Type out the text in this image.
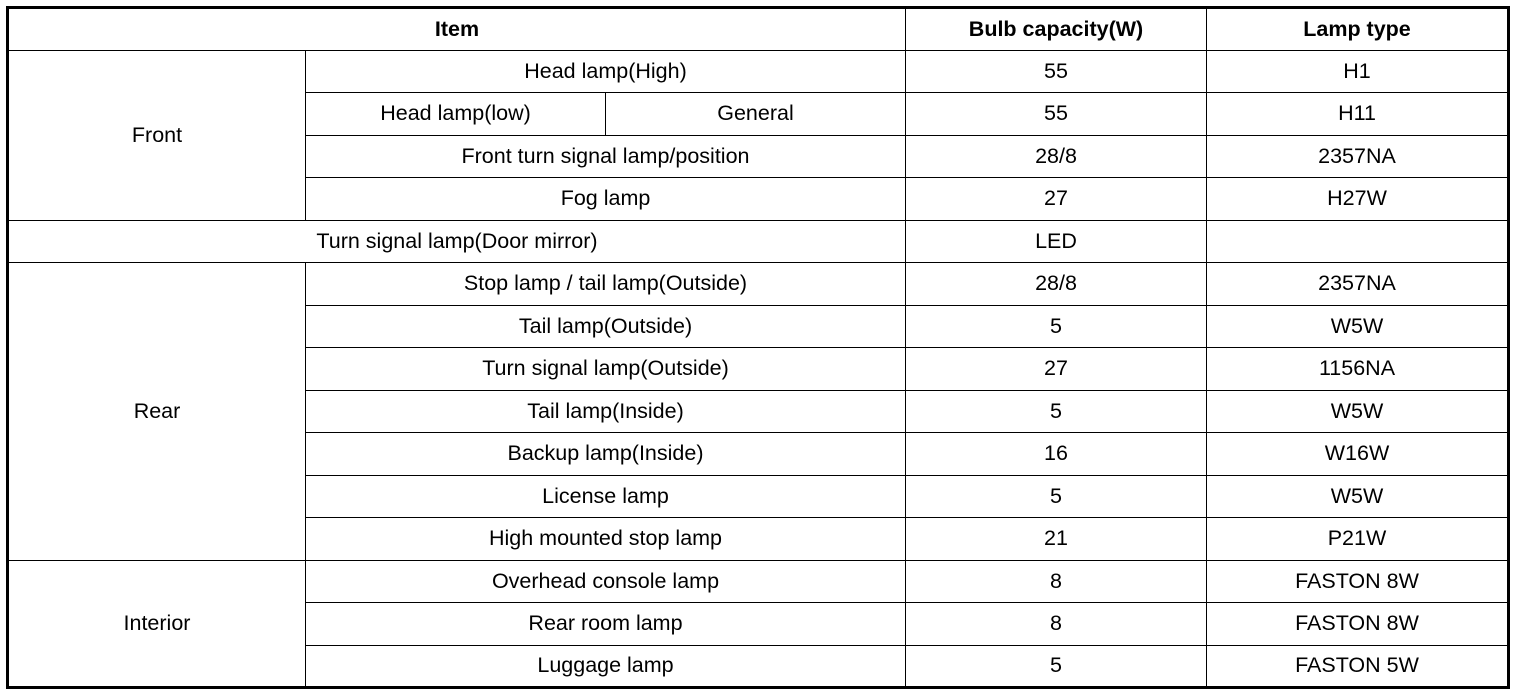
Item			Bulb capacity(W)	Lamp type
Front	Head lamp(High)		55	H1
	Head lamp(low)	General	55	H11
	Front turn signal lamp/position		28/8	2357NA
	Fog lamp		27	H27W
Turn signal lamp(Door mirror)			LED	
Rear	Stop lamp / tail lamp(Outside)		28/8	2357NA
	Tail lamp(Outside)		5	W5W
	Turn signal lamp(Outside)		27	1156NA
	Tail lamp(Inside)		5	W5W
	Backup lamp(Inside)		16	W16W
	License lamp		5	W5W
	High mounted stop lamp		21	P21W
Interior	Overhead console lamp		8	FASTON 8W
	Rear room lamp		8	FASTON 8W
	Luggage lamp		5	FASTON 5W
